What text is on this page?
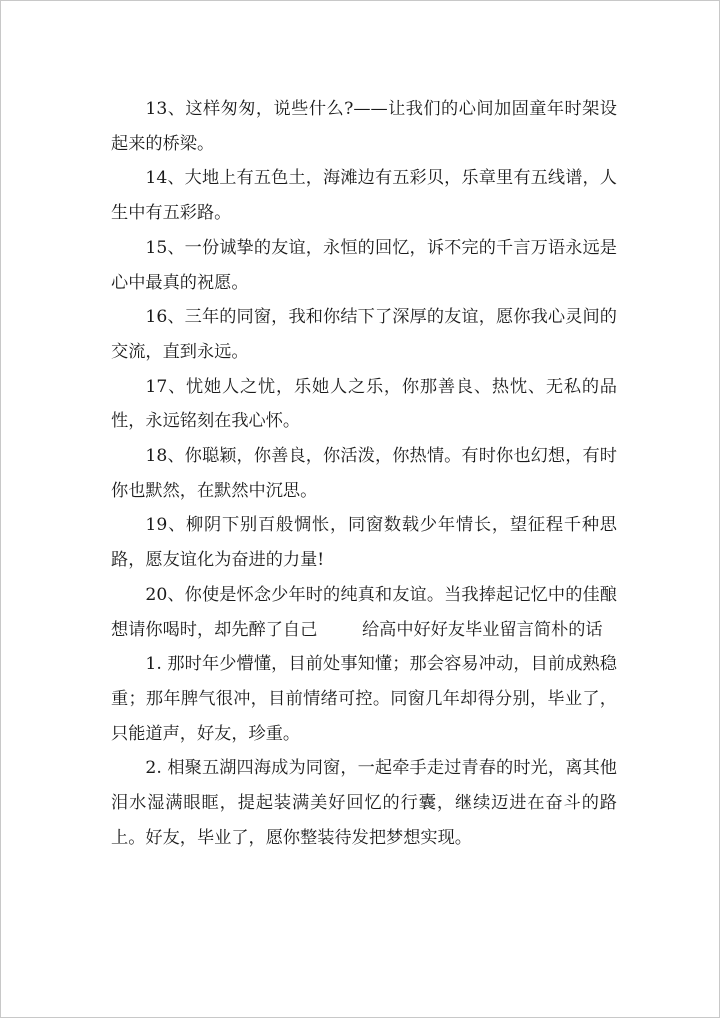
13、这样匆匆，说些什么?——让我们的心间加固童年时架设起来的桥梁。

14、大地上有五色土，海滩边有五彩贝，乐章里有五线谱，人生中有五彩路。

15、一份诚挚的友谊，永恒的回忆，诉不完的千言万语永远是心中最真的祝愿。

16、三年的同窗，我和你结下了深厚的友谊，愿你我心灵间的交流，直到永远。

17、忧她人之忧，乐她人之乐，你那善良、热忱、无私的品性，永远铭刻在我心怀。

18、你聪颖，你善良，你活泼，你热情。有时你也幻想，有时你也默然，在默然中沉思。

19、柳阴下别百般惆怅，同窗数载少年情长，望征程千种思路，愿友谊化为奋进的力量!

20、你使是怀念少年时的纯真和友谊。当我捧起记忆中的佳酿想请你喝时，却先醉了自己	给高中好好友毕业留言简朴的话

1. 那时年少懵懂，目前处事知懂；那会容易冲动，目前成熟稳重；那年脾气很冲，目前情绪可控。同窗几年却得分别，毕业了，只能道声，好友，珍重。

2. 相聚五湖四海成为同窗，一起牵手走过青春的时光，离其他泪水湿满眼眶，提起装满美好回忆的行囊，继续迈进在奋斗的路上。好友，毕业了，愿你整装待发把梦想实现。
